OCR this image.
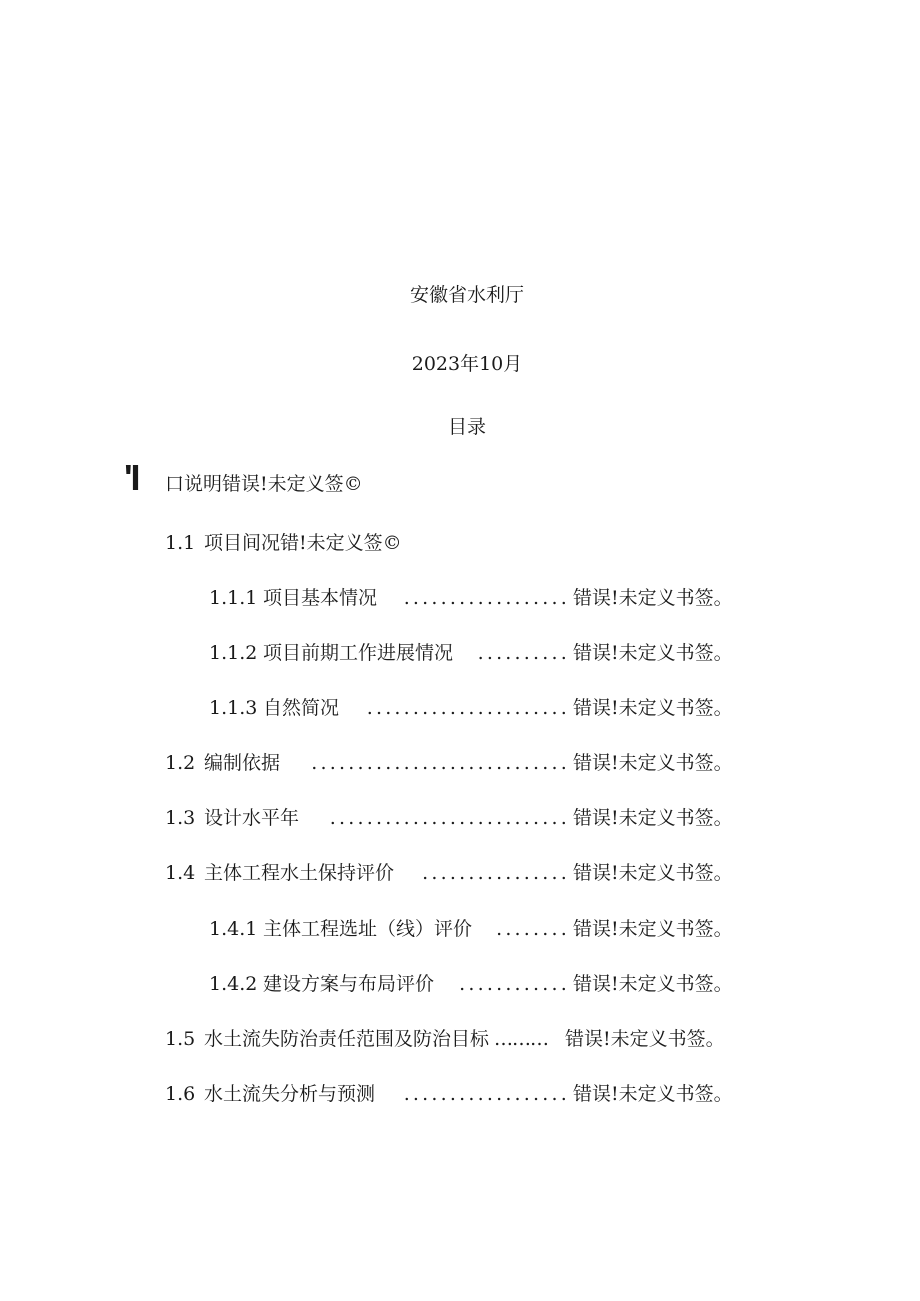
安徽省水利厅
2023年10月
目录
'I 口说明错误!未定义签©
1.1 项目间况错!未定义签©
1.1.1 项目基本情况	.................. 错误!未定义书签。
1.1.2 项目前期工作进展情况	.......... 错误!未定义书签。
1.1.3 自然简况	...................... 错误!未定义书签。
1.2 编制依据	............................ 错误!未定义书签。
1.3 设计水平年	.......................... 错误!未定义书签。
1.4 主体工程水土保持评价	................ 错误!未定义书签。
1.4.1 主体工程选址（线）评价	........ 错误!未定义书签。
1.4.2 建设方案与布局评价	............ 错误!未定义书签。
1.5 水土流失防治责任范围及防治目标 ……… 错误!未定义书签。
1.6 水土流失分析与预测	.................. 错误!未定义书签。
